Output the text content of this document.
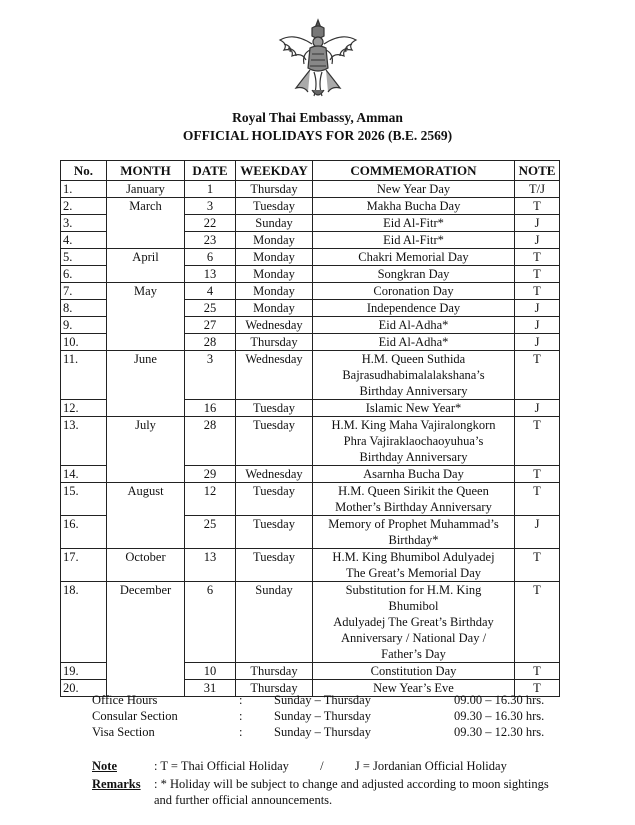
Royal Thai Embassy, Amman
OFFICIAL HOLIDAYS FOR 2026 (B.E. 2569)
No.	MONTH	DATE	WEEKDAY	COMMEMORATION	NOTE
1.	January	1	Thursday	New Year Day	T/J
2.	March	3	Tuesday	Makha Bucha Day	T
3.		22	Sunday	Eid Al-Fitr*	J
4.		23	Monday	Eid Al-Fitr*	J
5.	April	6	Monday	Chakri Memorial Day	T
6.		13	Monday	Songkran Day	T
7.	May	4	Monday	Coronation Day	T
8.		25	Monday	Independence Day	J
9.		27	Wednesday	Eid Al-Adha*	J
10.		28	Thursday	Eid Al-Adha*	J
11.	June	3	Wednesday	H.M. Queen Suthida
Bajrasudhabimalalakshana’s
Birthday Anniversary	T
12.		16	Tuesday	Islamic New Year*	J
13.	July	28	Tuesday	H.M. King Maha Vajiralongkorn
Phra Vajiraklaochaoyuhua’s
Birthday Anniversary	T
14.		29	Wednesday	Asarnha Bucha Day	T
15.	August	12	Tuesday	H.M. Queen Sirikit the Queen
Mother’s Birthday Anniversary	T
16.		25	Tuesday	Memory of Prophet Muhammad’s
Birthday*	J
17.	October	13	Tuesday	H.M. King Bhumibol Adulyadej
The Great’s Memorial Day	T
18.	December	6	Sunday	Substitution for H.M. King
Bhumibol
Adulyadej The Great’s Birthday
Anniversary / National Day /
Father’s Day	T
19.		10	Thursday	Constitution Day	T
20.		31	Thursday	New Year’s Eve	T
Office Hours	:	Sunday – Thursday	09.00 – 16.30 hrs.
Consular Section	:	Sunday – Thursday	09.30 – 16.30 hrs.
Visa Section	:	Sunday – Thursday	09.30 – 12.30 hrs.
Note	: T = Thai Official Holiday          /          J = Jordanian Official Holiday
Remarks : * Holiday will be subject to change and adjusted according to moon sightings and further official announcements.
